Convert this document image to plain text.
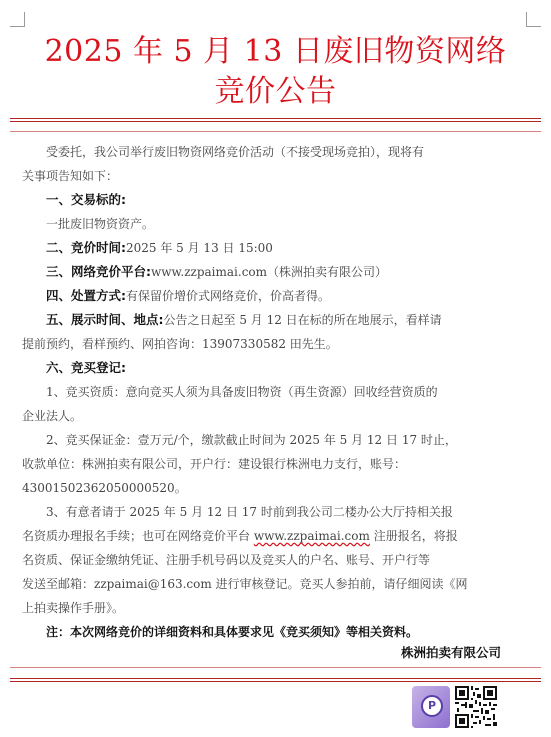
2025 年 5 月 13 日废旧物资网络
竞价公告
受委托，我公司举行废旧物资网络竞价活动（不接受现场竞拍），现将有
关事项告知如下：
一、交易标的:
一批废旧物资资产。
二、竞价时间:2025 年 5 月 13 日 15:00
三、网络竞价平台:www.zzpaimai.com（株洲拍卖有限公司）
四、处置方式:有保留价增价式网络竞价，价高者得。
五、展示时间、地点:公告之日起至 5 月 12 日在标的所在地展示，看样请
提前预约，看样预约、网拍咨询：13907330582 田先生。
六、竞买登记:
1、竞买资质：意向竞买人须为具备废旧物资（再生资源）回收经营资质的
企业法人。
2、竞买保证金：壹万元/个，缴款截止时间为 2025 年 5 月 12 日 17 时止，
收款单位：株洲拍卖有限公司，开户行：建设银行株洲电力支行，账号：
43001502362050000520。
3、有意者请于 2025 年 5 月 12 日 17 时前到我公司二楼办公大厅持相关报
名资质办理报名手续；也可在网络竞价平台 www.zzpaimai.com 注册报名，将报
名资质、保证金缴纳凭证、注册手机号码以及竞买人的户名、账号、开户行等
发送至邮箱：zzpaimai@163.com 进行审核登记。竞买人参拍前，请仔细阅读《网
上拍卖操作手册》。
注：本次网络竞价的详细资料和具体要求见《竞买须知》等相关资料。
株洲拍卖有限公司
P
